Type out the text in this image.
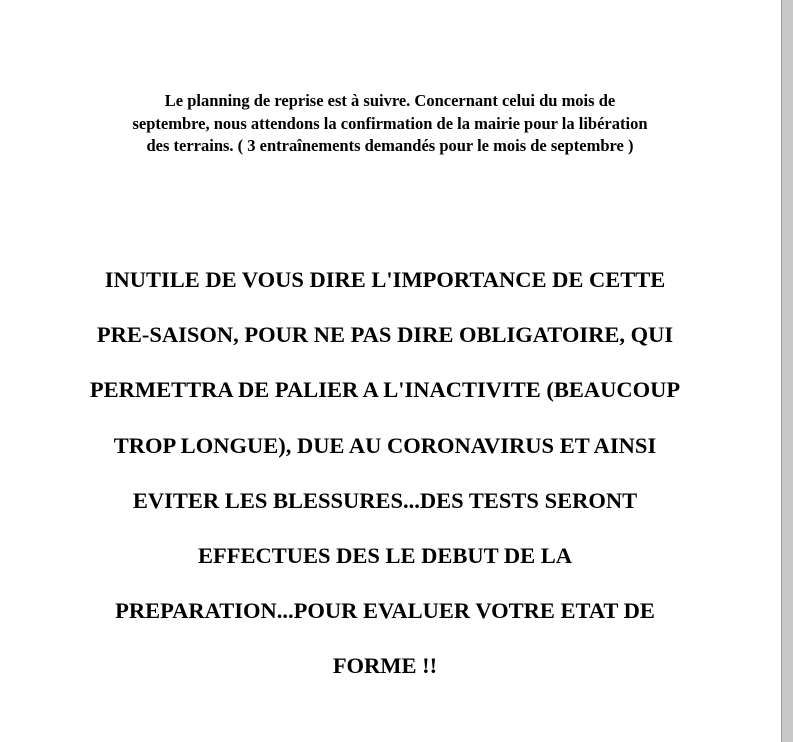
Le planning de reprise est à suivre. Concernant celui du mois de
septembre, nous attendons la confirmation de la mairie pour la libération
des terrains. ( 3 entraînements demandés pour le mois de septembre )

INUTILE DE VOUS DIRE L'IMPORTANCE DE CETTE
PRE-SAISON, POUR NE PAS DIRE OBLIGATOIRE, QUI
PERMETTRA DE PALIER A L'INACTIVITE (BEAUCOUP
TROP LONGUE), DUE AU CORONAVIRUS ET AINSI
EVITER LES BLESSURES...DES TESTS SERONT
EFFECTUES DES LE DEBUT DE LA
PREPARATION...POUR EVALUER VOTRE ETAT DE
FORME !!
